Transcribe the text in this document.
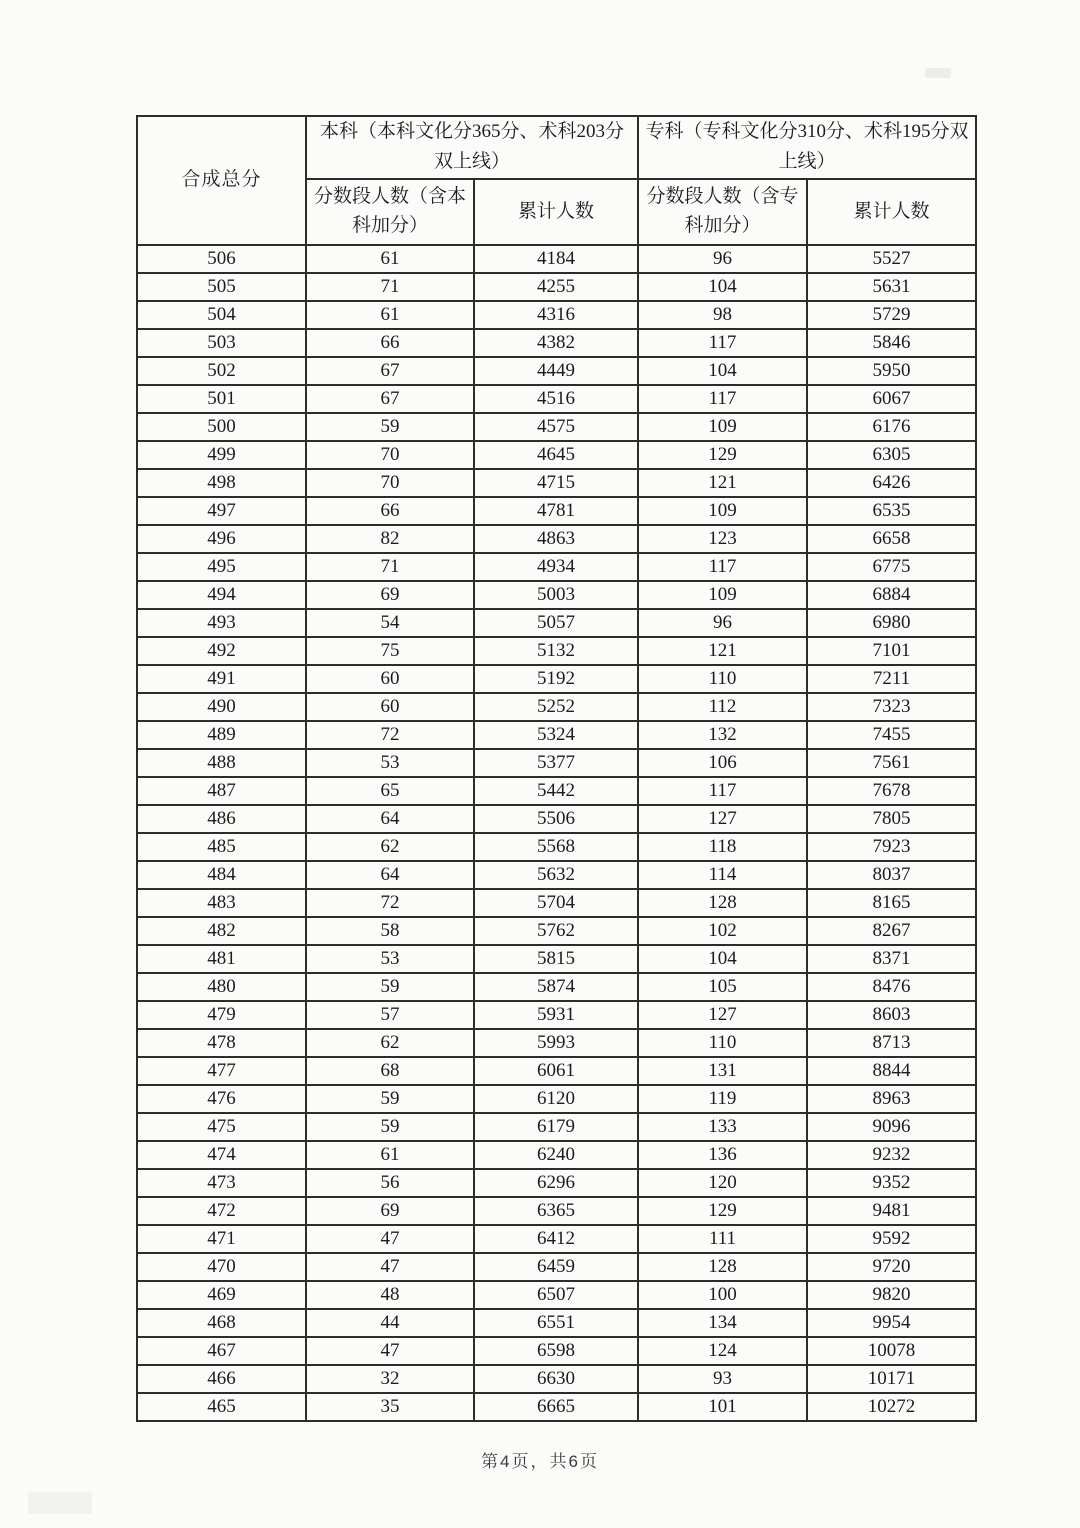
合成总分	本科（本科文化分365分、术科203分双上线）		专科（专科文化分310分、术科195分双上线）	
	分数段人数（含本科加分）	累计人数	分数段人数（含专科加分）	累计人数
506	61	4184	96	5527
505	71	4255	104	5631
504	61	4316	98	5729
503	66	4382	117	5846
502	67	4449	104	5950
501	67	4516	117	6067
500	59	4575	109	6176
499	70	4645	129	6305
498	70	4715	121	6426
497	66	4781	109	6535
496	82	4863	123	6658
495	71	4934	117	6775
494	69	5003	109	6884
493	54	5057	96	6980
492	75	5132	121	7101
491	60	5192	110	7211
490	60	5252	112	7323
489	72	5324	132	7455
488	53	5377	106	7561
487	65	5442	117	7678
486	64	5506	127	7805
485	62	5568	118	7923
484	64	5632	114	8037
483	72	5704	128	8165
482	58	5762	102	8267
481	53	5815	104	8371
480	59	5874	105	8476
479	57	5931	127	8603
478	62	5993	110	8713
477	68	6061	131	8844
476	59	6120	119	8963
475	59	6179	133	9096
474	61	6240	136	9232
473	56	6296	120	9352
472	69	6365	129	9481
471	47	6412	111	9592
470	47	6459	128	9720
469	48	6507	100	9820
468	44	6551	134	9954
467	47	6598	124	10078
466	32	6630	93	10171
465	35	6665	101	10272
第4页，共6页
